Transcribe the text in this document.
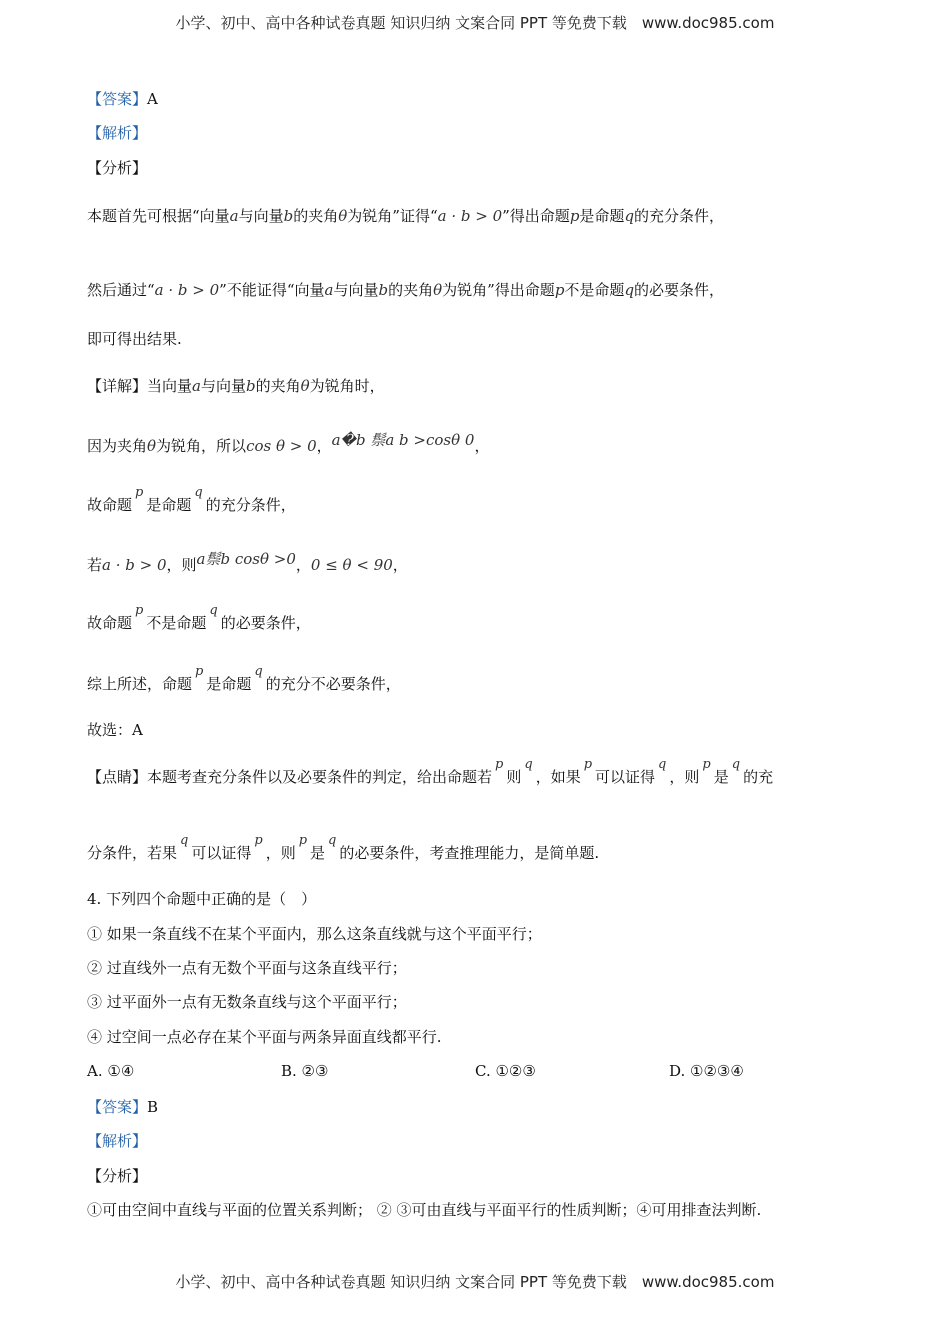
小学、初中、高中各种试卷真题 知识归纳 文案合同 PPT 等免费下载　www.doc985.com
【答案】A
【解析】
【分析】
本题首先可根据“向量a与向量b的夹角θ为锐角”证得“a · b > 0”得出命题p是命题q的充分条件，
然后通过“a · b > 0”不能证得“向量a与向量b的夹角θ为锐角”得出命题p不是命题q的必要条件，
即可得出结果.
【详解】当向量a与向量b的夹角θ为锐角时，
因为夹角θ为锐角，所以cos θ > 0，a�b 鬃a b >cosθ 0，
故命题p是命题q的充分条件，
若a · b > 0，则a鬃b cosθ >0，0 ≤ θ < 90，
故命题p不是命题q的必要条件，
综上所述，命题p是命题q的充分不必要条件，
故选：A
【点睛】本题考查充分条件以及必要条件的判定，给出命题若p则q，如果p可以证得q，则p是q的充
分条件，若果q可以证得p，则p是q的必要条件，考查推理能力，是简单题.
4. 下列四个命题中正确的是（　）
① 如果一条直线不在某个平面内，那么这条直线就与这个平面平行；
② 过直线外一点有无数个平面与这条直线平行；
③ 过平面外一点有无数条直线与这个平面平行；
④ 过空间一点必存在某个平面与两条异面直线都平行.
A. ①④	B. ②③	C. ①②③	D. ①②③④
【答案】B
【解析】
【分析】
①可由空间中直线与平面的位置关系判断； ② ③可由直线与平面平行的性质判断；④可用排查法判断.
小学、初中、高中各种试卷真题 知识归纳 文案合同 PPT 等免费下载　www.doc985.com
